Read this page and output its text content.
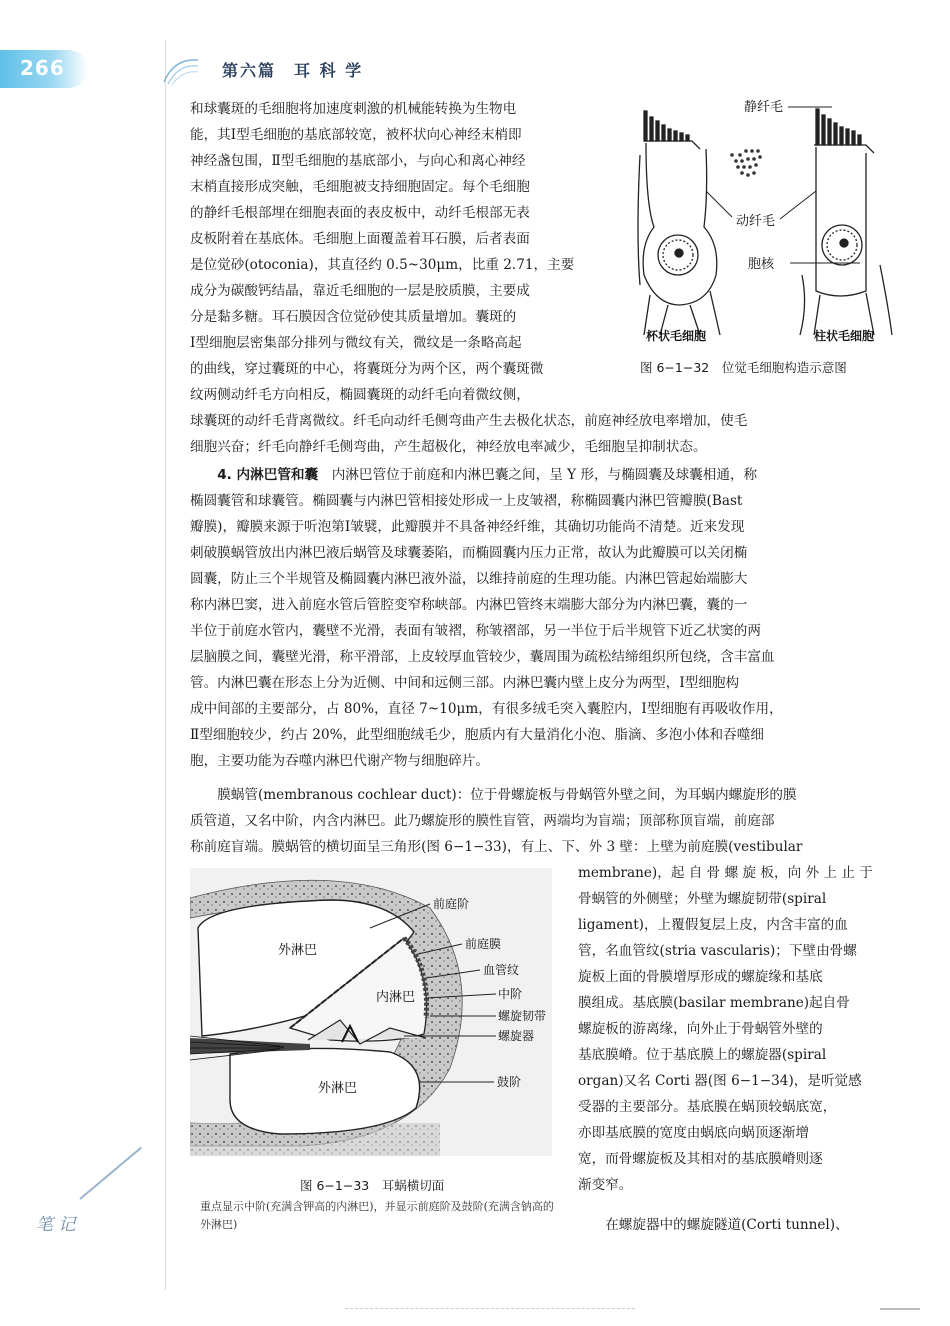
266	第六篇　耳 科 学

和球囊斑的毛细胞将加速度刺激的机械能转换为生物电

能，其Ⅰ型毛细胞的基底部较宽，被杯状向心神经末梢即

神经盏包围，Ⅱ型毛细胞的基底部小，与向心和离心神经

末梢直接形成突触，毛细胞被支持细胞固定。每个毛细胞

的静纤毛根部埋在细胞表面的表皮板中，动纤毛根部无表

皮板附着在基底体。毛细胞上面覆盖着耳石膜，后者表面

是位觉砂(otoconia)，其直径约 0.5~30μm，比重 2.71，主要

成分为碳酸钙结晶，靠近毛细胞的一层是胶质膜，主要成

分是黏多糖。耳石膜因含位觉砂使其质量增加。囊斑的

Ⅰ型细胞层密集部分排列与微纹有关，微纹是一条略高起

的曲线，穿过囊斑的中心，将囊斑分为两个区，两个囊斑微

纹两侧动纤毛方向相反，椭圆囊斑的动纤毛向着微纹侧，

静纤毛
动纤毛
胞核
杯状毛细胞	柱状毛细胞
图 6−1−32　位觉毛细胞构造示意图

球囊斑的动纤毛背离微纹。纤毛向动纤毛侧弯曲产生去极化状态，前庭神经放电率增加，使毛

细胞兴奋；纤毛向静纤毛侧弯曲，产生超极化，神经放电率减少，毛细胞呈抑制状态。

4. 内淋巴管和囊　 内淋巴管位于前庭和内淋巴囊之间，呈 Y 形，与椭圆囊及球囊相通，称

椭圆囊管和球囊管。椭圆囊与内淋巴管相接处形成一上皮皱褶，称椭圆囊内淋巴管瓣膜(Bast

瓣膜)，瓣膜来源于听泡第Ⅰ皱襞，此瓣膜并不具备神经纤维，其确切功能尚不清楚。近来发现

刺破膜蜗管放出内淋巴液后蜗管及球囊萎陷，而椭圆囊内压力正常，故认为此瓣膜可以关闭椭

圆囊，防止三个半规管及椭圆囊内淋巴液外溢，以维持前庭的生理功能。内淋巴管起始端膨大

称内淋巴窦，进入前庭水管后管腔变窄称峡部。内淋巴管终末端膨大部分为内淋巴囊，囊的一

半位于前庭水管内，囊壁不光滑，表面有皱褶，称皱褶部，另一半位于后半规管下近乙状窦的两

层脑膜之间，囊壁光滑，称平滑部，上皮较厚血管较少，囊周围为疏松结缔组织所包绕，含丰富血

管。内淋巴囊在形态上分为近侧、中间和远侧三部。内淋巴囊内壁上皮分为两型，Ⅰ型细胞构

成中间部的主要部分，占 80%，直径 7~10μm，有很多绒毛突入囊腔内，Ⅰ型细胞有再吸收作用，

Ⅱ型细胞较少，约占 20%，此型细胞绒毛少，胞质内有大量消化小泡、脂滴、多泡小体和吞噬细

胞，主要功能为吞噬内淋巴代谢产物与细胞碎片。

膜蜗管(membranous cochlear duct)：位于骨螺旋板与骨蜗管外壁之间，为耳蜗内螺旋形的膜

质管道，又名中阶，内含内淋巴。此乃螺旋形的膜性盲管，两端均为盲端；顶部称顶盲端，前庭部

称前庭盲端。膜蜗管的横切面呈三角形(图 6−1−33)，有上、下、外 3 壁：上壁为前庭膜(vestibular

membrane)，起 自 骨 螺 旋 板，向 外 上 止 于

骨蜗管的外侧壁；外壁为螺旋韧带(spiral

ligament)，上覆假复层上皮，内含丰富的血

管，名血管纹(stria vascularis)；下壁由骨螺

旋板上面的骨膜增厚形成的螺旋缘和基底

膜组成。基底膜(basilar membrane)起自骨

螺旋板的游离缘，向外止于骨蜗管外壁的

基底膜嵴。位于基底膜上的螺旋器(spiral

organ)又名 Corti 器(图 6−1−34)，是听觉感

受器的主要部分。基底膜在蜗顶较蜗底宽，

亦即基底膜的宽度由蜗底向蜗顶逐渐增

宽，而骨螺旋板及其相对的基底膜嵴则逐

渐变窄。

在螺旋器中的螺旋隧道(Corti tunnel)、

前庭阶
前庭膜
血管纹
中阶
螺旋韧带
螺旋器
鼓阶
外淋巴
内淋巴
外淋巴
图 6−1−33　耳蜗横切面
重点显示中阶(充满含钾高的内淋巴)，并显示前庭阶及鼓阶(充满含钠高的外淋巴)
笔 记
